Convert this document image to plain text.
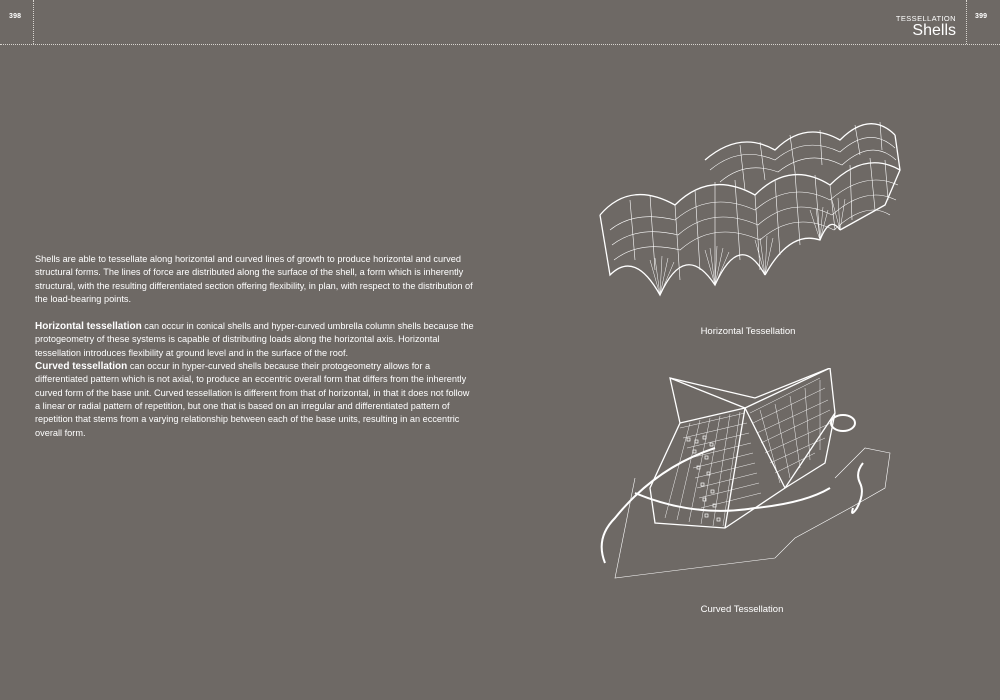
398	399
TESSELLATION
Shells

Shells are able to tessellate along horizontal and curved lines of growth to produce horizontal and curved structural forms. The lines of force are distributed along the surface of the shell, a form which is inherently structural, with the resulting differentiated section offering flexibility, in plan, with respect to the distribution of the load-bearing points.

Horizontal tessellation can occur in conical shells and hyper-curved umbrella column shells because the protogeometry of these systems is capable of distributing loads along the horizontal axis. Horizontal tessellation introduces flexibility at ground level and in the surface of the roof.
Curved tessellation can occur in hyper-curved shells because their protogeometry allows for a differentiated pattern which is not axial, to produce an eccentric overall form that differs from the inherently curved form of the base unit. Curved tessellation is different from that of horizontal, in that it does not follow a linear or radial pattern of repetition, but one that is based on an irregular and differentiated pattern of repetition that stems from a varying relationship between each of the base units, resulting in an eccentric overall form.

Horizontal Tessellation
Curved Tessellation
